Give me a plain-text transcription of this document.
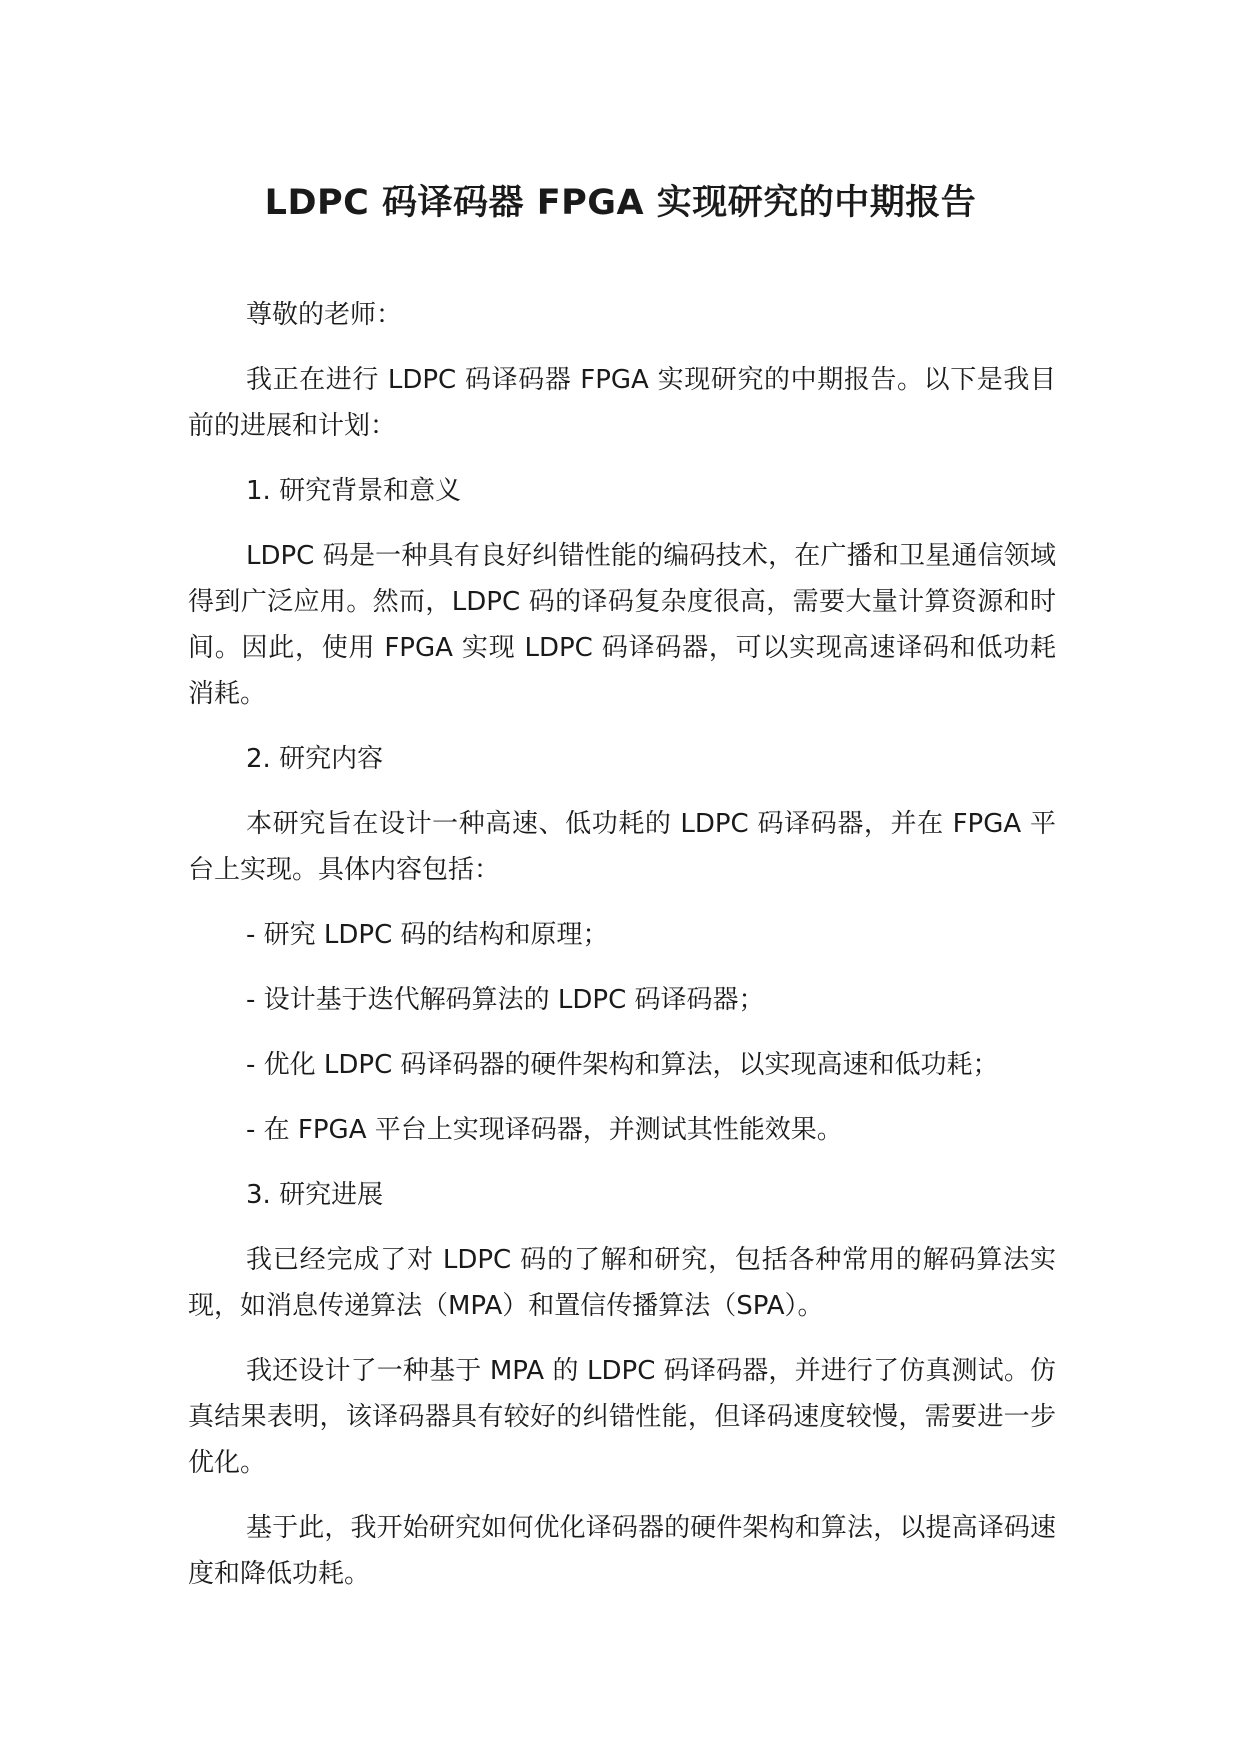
LDPC 码译码器 FPGA 实现研究的中期报告

尊敬的老师：

我正在进行 LDPC 码译码器 FPGA 实现研究的中期报告。以下是我目前的进展和计划：

1. 研究背景和意义

LDPC 码是一种具有良好纠错性能的编码技术，在广播和卫星通信领域得到广泛应用。然而，LDPC 码的译码复杂度很高，需要大量计算资源和时间。因此，使用 FPGA 实现 LDPC 码译码器，可以实现高速译码和低功耗消耗。

2. 研究内容

本研究旨在设计一种高速、低功耗的 LDPC 码译码器，并在 FPGA 平台上实现。具体内容包括：

- 研究 LDPC 码的结构和原理；

- 设计基于迭代解码算法的 LDPC 码译码器；

- 优化 LDPC 码译码器的硬件架构和算法，以实现高速和低功耗；

- 在 FPGA 平台上实现译码器，并测试其性能效果。

3. 研究进展

我已经完成了对 LDPC 码的了解和研究，包括各种常用的解码算法实现，如消息传递算法（MPA）和置信传播算法（SPA）。

我还设计了一种基于 MPA 的 LDPC 码译码器，并进行了仿真测试。仿真结果表明，该译码器具有较好的纠错性能，但译码速度较慢，需要进一步优化。

基于此，我开始研究如何优化译码器的硬件架构和算法，以提高译码速度和降低功耗。
